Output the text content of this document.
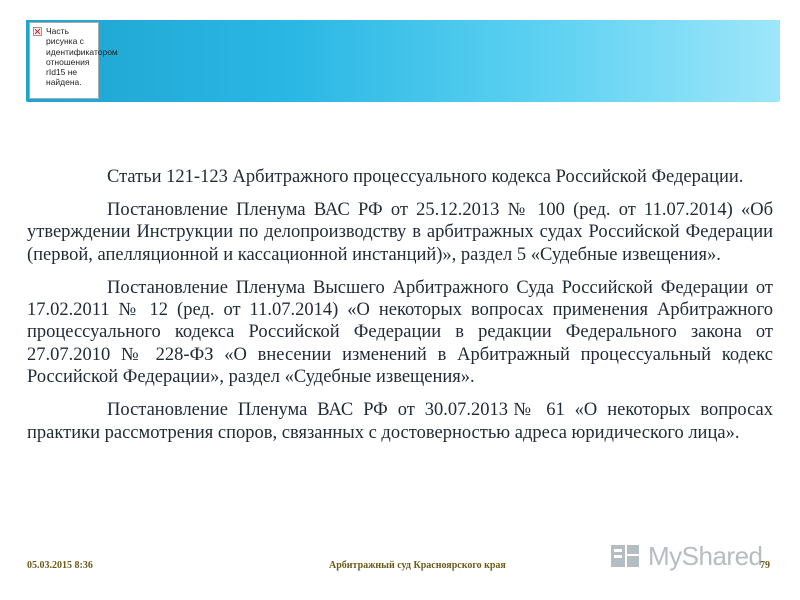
Часть рисунка с идентификатором отношения rId15 не найдена.

Статьи 121-123 Арбитражного процессуального кодекса Российской Федерации.

Постановление Пленума ВАС РФ от 25.12.2013 № 100 (ред. от 11.07.2014) «Об утверждении Инструкции по делопроизводству в арбитражных судах Российской Федерации (первой, апелляционной и кассационной инстанций)», раздел 5 «Судебные извещения».

Постановление Пленума Высшего Арбитражного Суда Российской Федерации от 17.02.2011 № 12 (ред. от 11.07.2014) «О некоторых вопросах применения Арбитражного процессуального кодекса Российской Федерации в редакции Федерального закона от 27.07.2010 № 228-ФЗ «О внесении изменений в Арбитражный процессуальный кодекс Российской Федерации», раздел «Судебные извещения».

Постановление Пленума ВАС РФ от 30.07.2013№ 61 «О некоторых вопросах практики рассмотрения споров, связанных с достоверностью адреса юридического лица».

05.03.2015 8:36	Арбитражный суд Красноярского края	79
MyShared
